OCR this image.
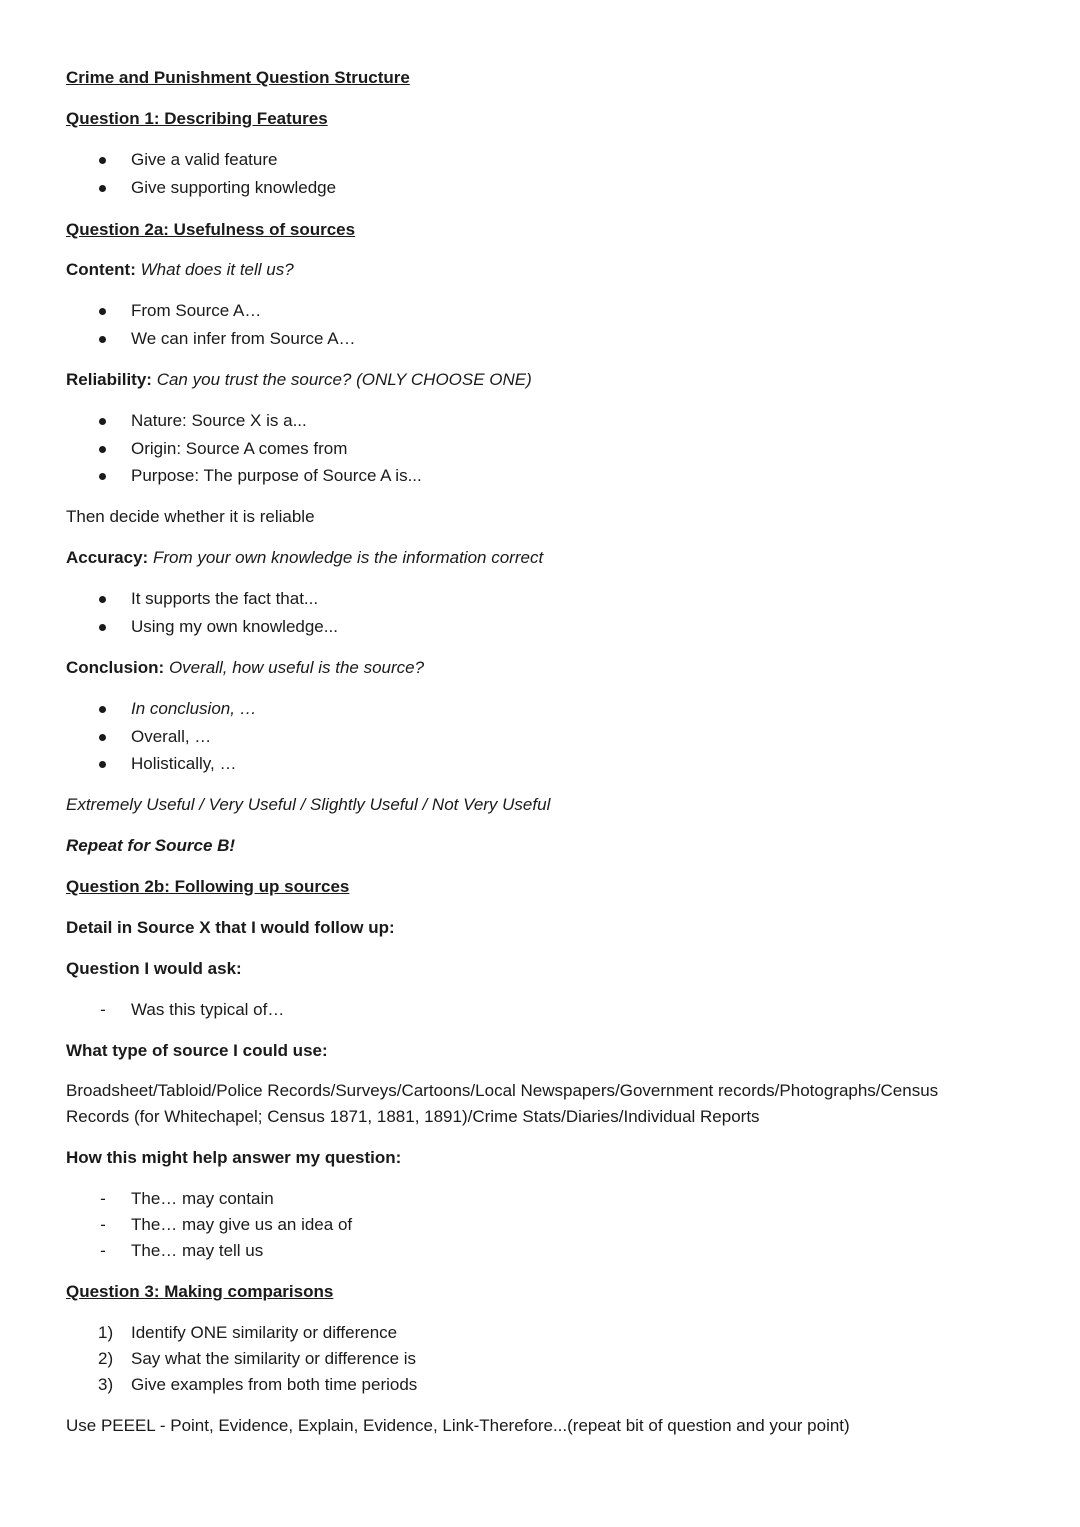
Crime and Punishment Question Structure
Question 1: Describing Features
Give a valid feature
Give supporting knowledge
Question 2a: Usefulness of sources
Content: What does it tell us?
From Source A…
We can infer from Source A…
Reliability: Can you trust the source? (ONLY CHOOSE ONE)
Nature: Source X is a...
Origin: Source A comes from
Purpose: The purpose of Source A is...
Then decide whether it is reliable
Accuracy: From your own knowledge is the information correct
It supports the fact that...
Using my own knowledge...
Conclusion: Overall, how useful is the source?
In conclusion, …
Overall, …
Holistically, …
Extremely Useful / Very Useful / Slightly Useful / Not Very Useful
Repeat for Source B!
Question 2b: Following up sources
Detail in Source X that I would follow up:
Question I would ask:
- Was this typical of…
What type of source I could use:
Broadsheet/Tabloid/Police Records/Surveys/Cartoons/Local Newspapers/Government records/Photographs/Census
Records (for Whitechapel; Census 1871, 1881, 1891)/Crime Stats/Diaries/Individual Reports
How this might help answer my question:
- The… may contain
- The… may give us an idea of
- The… may tell us
Question 3: Making comparisons
1)	Identify ONE similarity or difference
2)	Say what the similarity or difference is
3)	Give examples from both time periods
Use PEEEL - Point, Evidence, Explain, Evidence, Link-Therefore...(repeat bit of question and your point)
